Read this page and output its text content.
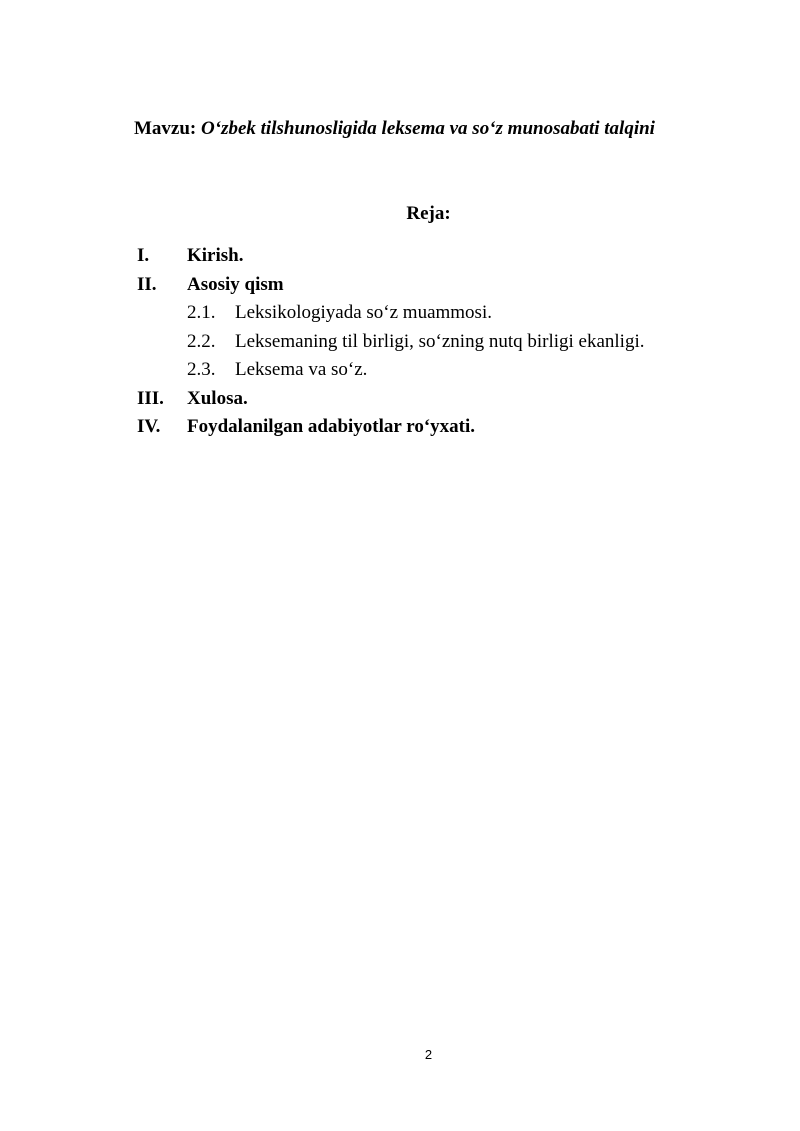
Mavzu: O‘zbek tilshunosligida leksema va so‘z munosabati talqini
Reja:
I. Kirish.
II. Asosiy qism
2.1. Leksikologiyada so‘z muammosi.
2.2. Leksemaning til birligi, so‘zning nutq birligi ekanligi.
2.3. Leksema va so‘z.
III. Xulosa.
IV. Foydalanilgan adabiyotlar ro‘yxati.
2
